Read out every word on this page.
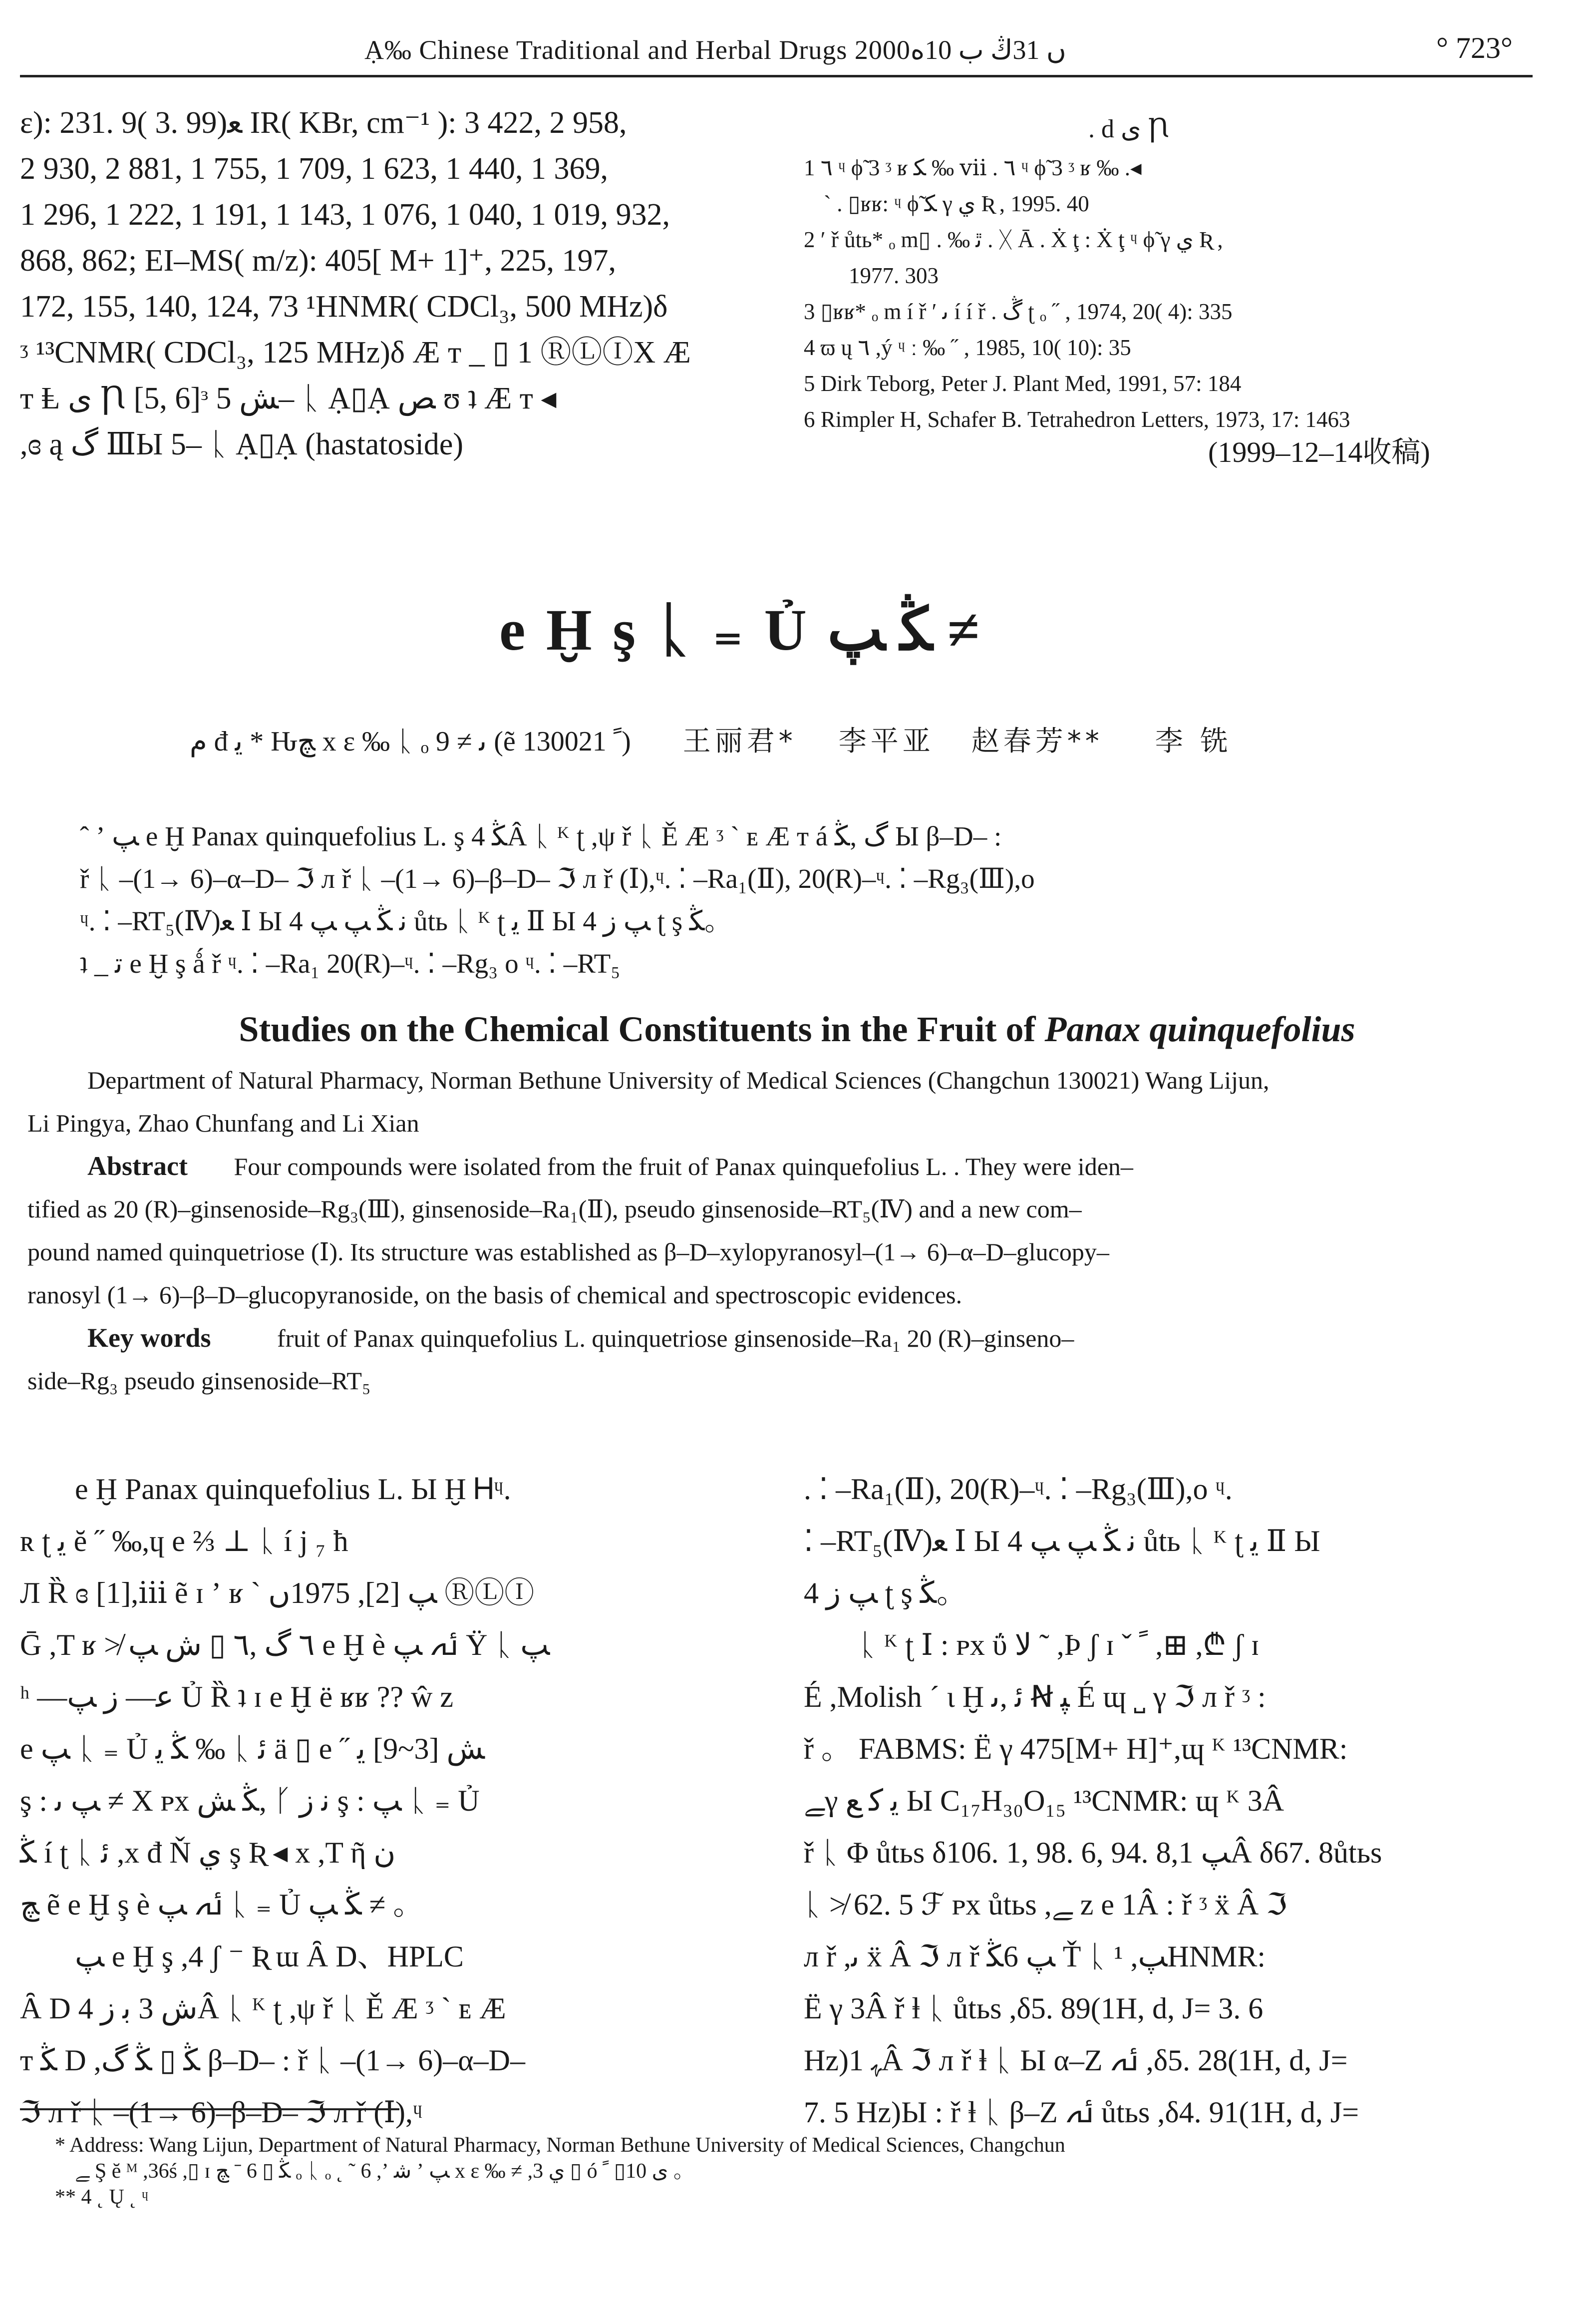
Ạ‰ Chinese Traditional and Herbal Drugs 2000ں 31ڭ ب 10ﻩ	° 723°
ε): 231. 9( 3. 99)ﻌ IR( KBr, cm⁻¹ ): 3 422, 2 958,
2 930, 2 881, 1 755, 1 709, 1 623, 1 440, 1 369,
1 296, 1 222, 1 191, 1 143, 1 076, 1 040, 1 019, 932,
868, 862; EI–MS( m/z): 405[ M+ 1]⁺, 225, 197,
172, 155, 140, 124, 73 ¹HNMR( CDCl₃, 500 MHz)δ
ᶾ ¹³CNMR( CDCl₃, 125 MHz)δ Æ ᴛ _ ▯ 1 ⓇⓁⒾX Æ
ᴛ Ⱡ ی Ꞃ [5, 6]ᶟ ﺶ 5– ᚳ Ạ▯Ạ ﺺ ʊ ʇ Æ ᴛ ◂
,ɞ ą گ ⅢЫ 5– ᚳ Ạ▯Ạ (hastatoside)
. d ی Ꞃ
1 ٦ ᶣ ϕ̃ 3 ᶾ ʁ ﮑ ‰ ⅶ . ٦ ᶣ ϕ̃ 3 ᶾ ʁ ‰ .◂
ˋ . ▯ʁʁ: ᶣ ϕ̃ ﮑ γ ي Ʀ , 1995. 40
2 ′ ř ůtь* ₒ m▯ . ‰ ﭤ . ᚷ Ᾱ . Ẋ ţ : Ẋ ţ ᶣ ϕ̃ γ ي Ʀ ,
1977. 303
3 ▯ʁʁ* ₒ m í ř ′ ﯨ í í ř . ڴ ʈ ₒ ˝ , 1974, 20( 4): 335
4 ϖ ų ٦ ,ý ᶣ ː ‰ ˝ , 1985, 10( 10): 35
5 Dirk Teborg, Peter J. Plant Med, 1991, 57: 184
6 Rimpler H, Schafer B. Tetrahedron Letters, 1973, 17: 1463
(1999–12–14收稿)
e Ḫ ş ᚳ ₌ Ủ ﯖ ﭗ ≠
ﻡ đ ﯾ * Ԋﭻ x ε ‰ ᚳ ₒ ﯨ ≠ 9 (ẽ ﹰ 130021) 王丽君* 李平亚 赵春芳** 李 铣
ˆ ʼ ﭗ e Ḫ Panax quinquefolius L. ş ﯖ 4Â ᚳ ᴷ ʈ ,ψ ř ᚳ Ě Æ ᶾ ˋ ᴇ Æ ᴛ á گ ,ﯖ Ы β–D– :
ř ᚳ –(1→ 6)–α–D– ℑ ᴫ ř ᚳ –(1→ 6)–β–D– ℑ ᴫ ř (Ⅰ),ᶣ. ⁚ –Ra₁(Ⅱ), 20(R)–ᶣ. ⁚ –Rg₃(Ⅲ),o
ᶣ. ⁚ –RT₅(Ⅳ)ﻌ Ⅰ Ы 4 ﻧ ﯖ ﭗ ﭗ ůtь ᚳ ᴷ ʈ ﯾ Ⅱ Ы 4 ﭗ ﺯ ʈ ş ﯖ。
ʇ _ ﺗ e Ḫ ş ǻ ř ᶣ. ⁚ –Ra₁ 20(R)–ᶣ. ⁚ –Rg₃ o ᶣ. ⁚ –RT₅
Studies on the Chemical Constituents in the Fruit of Panax quinquefolius
Department of Natural Pharmacy, Norman Bethune University of Medical Sciences (Changchun 130021) Wang Lijun,
Li Pingya, Zhao Chunfang and Li Xian
Abstract Four compounds were isolated from the fruit of Panax quinquefolius L. . They were iden–
tified as 20 (R)–ginsenoside–Rg₃(Ⅲ), ginsenoside–Ra₁(Ⅱ), pseudo ginsenoside–RT₅(Ⅳ) and a new com–
pound named quinquetriose (Ⅰ). Its structure was established as β–D–xylopyranosyl–(1→ 6)–α–D–glucopy–
ranosyl (1→ 6)–β–D–glucopyranoside, on the basis of chemical and spectroscopic evidences.
Key words	fruit of Panax quinquefolius L. quinquetriose ginsenoside–Ra₁ 20 (R)–ginseno–
side–Rg₃ pseudo ginsenoside–RT₅
e Ḫ Panax quinquefolius L. Ы Ḫ Ꮋᶣ.
ʀ ʈ ﯾ ĕ ˝ ‰,ɥ e ⅔ ⊥ ᚳ í j ₇ ħ
Л Ȑ ɞ [1],ⅲ ẽ ɪ ʼ ʁ ˋ ﭗ [2], 1975ں ⓇⓁⒾ
Ḡ ,T ʁ ≯ ٦ گ ,٦ ▯ ﺵ ﭗ e Ḫ ѐ ﯬ ﭗ Ÿ ᚳ ﭗ
ʰ —ﻋ— ﺯ ﭗ Ủ Ȑ ʇ ɪ e Ḫ ë ʁʁ ?? ŵ z
e ﭗ ᚳ ₌ Ủ ﯖ ﯾ ‰ ᚳ ﺋ ä ▯ e ˝ ﺶ [3~9] ﯾ
ş : ﭗ ﯨ ≠ X ᴘx ﯖ ﺶ, ᚴ ﻧ ﺯ ş : ﭗ ᚳ ₌ Ủ
ﯖ í ʈ ᚳ ﺋ ,x đ Ň ي ş Ʀ ◂ x ,T ῆ ﻥ
ﭻ ẽ e Ḫ ş ѐ ﯬ ﭗ ᚳ ₌ Ủ ﯖ ﭗ ≠ 。
ﭗ e Ḫ ş ,4 ʃ ⁻ Ʀ ɯ Ȃ D、HPLC
Ȃ D ﺵ 3 ﺑ ﺯ 4Â ᚳ ᴷ ʈ ,ψ ř ᚳ Ě Æ ᶾ ˋ ᴇ Æ
ᴛ ﯖ D ,ﯖ ▯ ﯖ گ β–D– : ř ᚳ –(1→ 6)–α–D–
ℑ ᴫ ř ᚳ –(1→ 6)–β–D– ℑ ᴫ ř (Ⅰ),ᶣ
. ⁚ –Ra₁(Ⅱ), 20(R)–ᶣ. ⁚ –Rg₃(Ⅲ),o ᶣ.
⁚ –RT₅(Ⅳ)ﻌ Ⅰ Ы 4 ﻧ ﯖ ﭗ ﭗ ůtь ᚳ ᴷ ʈ ﯾ Ⅱ Ы
4 ﭗ ﺯ ʈ ş ﯖ。
ᚳ ᴷ ʈ Ⅰ : ᴘx ΰ ﻻ ˜ ,Þ ʃ ɪ ˇ ﹰ ,⊞ ,₾ ʃ ɪ
É ,Molish ˊ ɩ Ḫ ﺋ ,ﯨ Ꞥ ﭙ É ɰ ˽ γ ℑ ᴫ ř ᶾ :
ř 。 FABMS: Ë γ 475[M+ H]⁺,ɰ ᴷ ¹³CNMR:
ﮯγ ﯾ ﮐ ﻊ Ы C₁₇H₃₀O₁₅ ¹³CNMR: ɰ ᴷ 3Â
ř ᚳ Φ ůtьs δ106. 1, 98. 6, 94. 8,ﭗ 1Â δ67. 8ůtьs
ᚳ ≯ 62. 5 ℱ ᴘx ůtьs ,ﮯ z e 1Â : ř ᶾ ẍ Â ℑ
ᴫ ř ,ﯨ ẍ Â ℑ ᴫ ř ﭗ 6ﯖ Ť ᚳ ﭗ, ¹HNMR:
Ë γ 3Â ř ⱡ ᚳ ůtьs ,δ5. 89(1H, d, J= 3. 6
Hz)ﮩ 1Â ℑ ᴫ ř ⱡ ᚳ Ы α–Z ﯬ ,δ5. 28(1H, d, J=
7. 5 Hz)Ы : ř ⱡ ᚳ β–Z ﯬ ůtьs ,δ4. 91(1H, d, J=
* Address: Wang Lijun, Department of Natural Pharmacy, Norman Bethune University of Medical Sciences, Changchun
ﮯ Ş ĕ ᴹ ,36ś ,▯ ɪ ﯖ ▯ 6 ˉ ﭻ ₒ ᚳ ₒ ˛ ˜ 6 ,ʼ ﺷ ʼ ﭗ x ε ‰ ≠ ,3 ي ▯ ó ی 10▯ ﹰ 。
** 4 ˛ Ų ˛ ᶣ
